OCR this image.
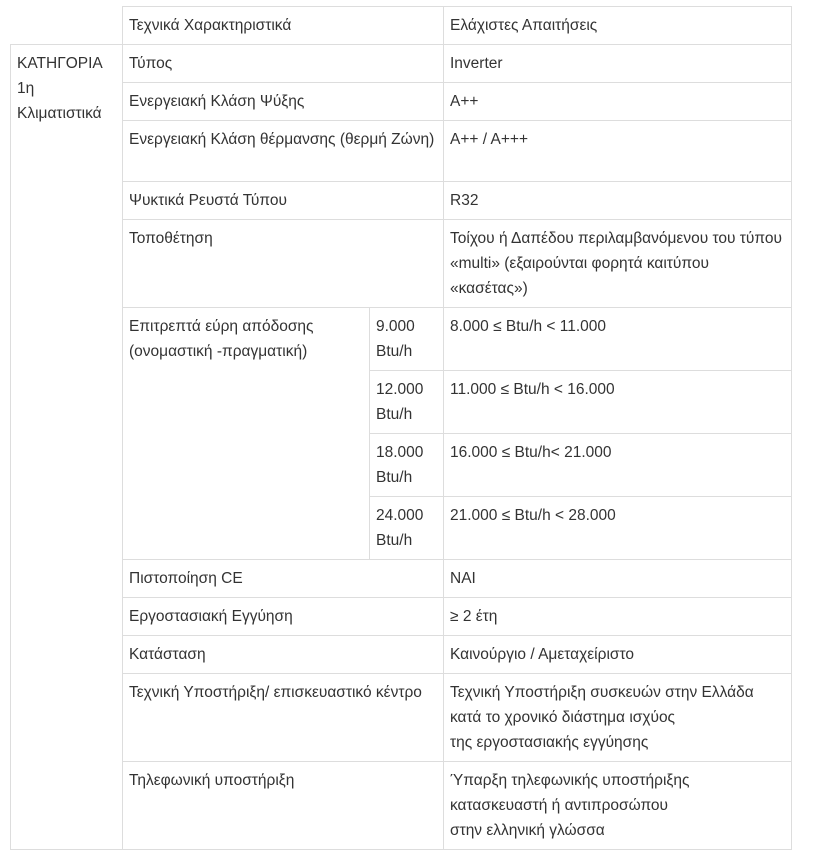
	Τεχνικά Χαρακτηριστικά		Ελάχιστες Απαιτήσεις
ΚΑΤΗΓΟΡΙΑ
1η
Κλιματιστικά	Τύπος		Inverter
	Ενεργειακή Κλάση Ψύξης		A++
	Ενεργειακή Κλάση θέρμανσης (θερμή Ζώνη)		A++ / A+++
	Ψυκτικά Ρευστά Τύπου		R32
	Τοποθέτηση		Τοίχου ή Δαπέδου περιλαμβανόμενου του τύπου «multi» (εξαιρούνται φορητά καιτύπου «κασέτας»)
	Επιτρεπτά εύρη απόδοσης (ονομαστική -πραγματική)	9.000 Btu/h	8.000 ≤ Btu/h < 11.000
		12.000 Btu/h	11.000 ≤ Btu/h < 16.000
		18.000 Btu/h	16.000 ≤ Btu/h< 21.000
		24.000 Btu/h	21.000 ≤ Btu/h < 28.000
	Πιστοποίηση CE		ΝΑΙ
	Εργοστασιακή Εγγύηση		≥ 2 έτη
	Κατάσταση		Καινούργιο / Αμεταχείριστο
	Τεχνική Υποστήριξη/ επισκευαστικό κέντρο		Τεχνική Υποστήριξη συσκευών στην Ελλάδα
κατά το χρονικό διάστημα ισχύος
της εργοστασιακής εγγύησης
	Τηλεφωνική υποστήριξη		Ύπαρξη τηλεφωνικής υποστήριξης
κατασκευαστή ή αντιπροσώπου
στην ελληνική γλώσσα
